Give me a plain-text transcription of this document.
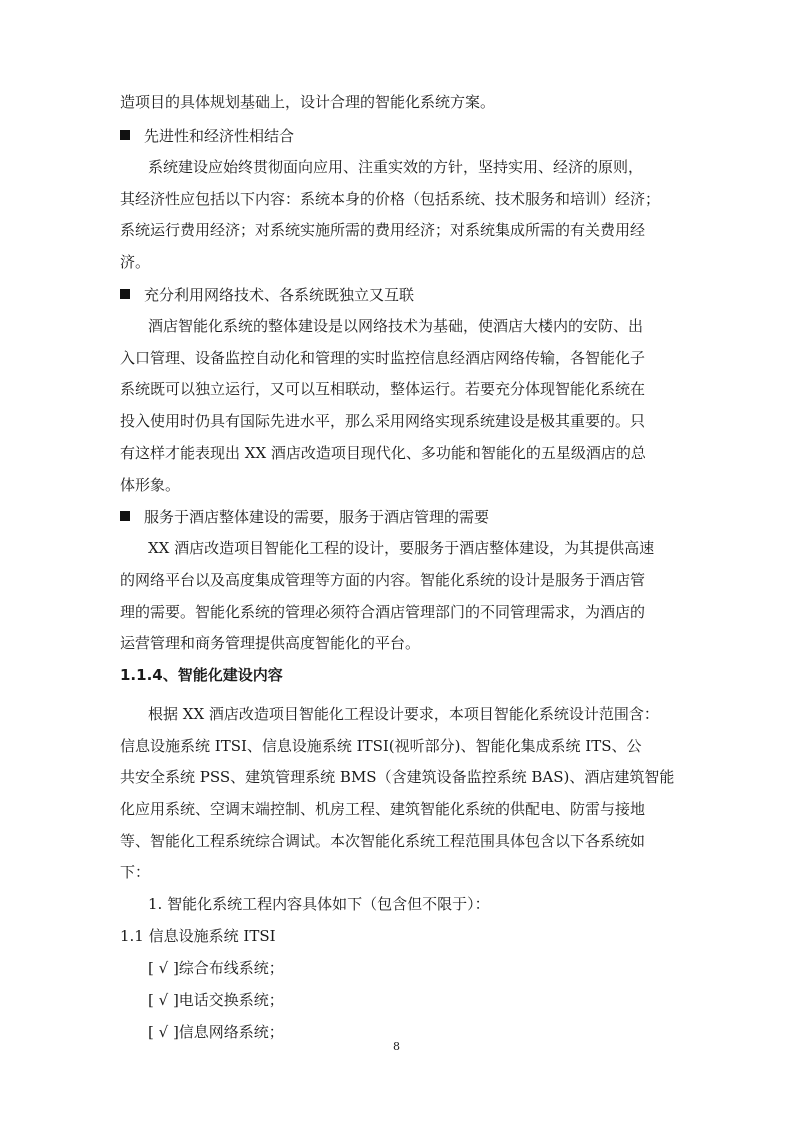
造项目的具体规划基础上，设计合理的智能化系统方案。

先进性和经济性相结合

系统建设应始终贯彻面向应用、注重实效的方针，坚持实用、经济的原则，

其经济性应包括以下内容：系统本身的价格（包括系统、技术服务和培训）经济；

系统运行费用经济；对系统实施所需的费用经济；对系统集成所需的有关费用经

济。

充分利用网络技术、各系统既独立又互联

酒店智能化系统的整体建设是以网络技术为基础，使酒店大楼内的安防、出

入口管理、设备监控自动化和管理的实时监控信息经酒店网络传输，各智能化子

系统既可以独立运行，又可以互相联动，整体运行。若要充分体现智能化系统在

投入使用时仍具有国际先进水平，那么采用网络实现系统建设是极其重要的。只

有这样才能表现出 XX 酒店改造项目现代化、多功能和智能化的五星级酒店的总

体形象。

服务于酒店整体建设的需要，服务于酒店管理的需要

XX 酒店改造项目智能化工程的设计，要服务于酒店整体建设，为其提供高速

的网络平台以及高度集成管理等方面的内容。智能化系统的设计是服务于酒店管

理的需要。智能化系统的管理必须符合酒店管理部门的不同管理需求，为酒店的

运营管理和商务管理提供高度智能化的平台。

1.1.4、智能化建设内容

根据 XX 酒店改造项目智能化工程设计要求，本项目智能化系统设计范围含：

信息设施系统 ITSI、信息设施系统 ITSI(视听部分)、智能化集成系统 ITS、公

共安全系统 PSS、建筑管理系统 BMS（含建筑设备监控系统 BAS)、酒店建筑智能

化应用系统、空调末端控制、机房工程、建筑智能化系统的供配电、防雷与接地

等、智能化工程系统综合调试。本次智能化系统工程范围具体包含以下各系统如

下：

1. 智能化系统工程内容具体如下（包含但不限于）：

1.1 信息设施系统 ITSI

[ √ ]综合布线系统；

[ √ ]电话交换系统；

[ √ ]信息网络系统；

8
